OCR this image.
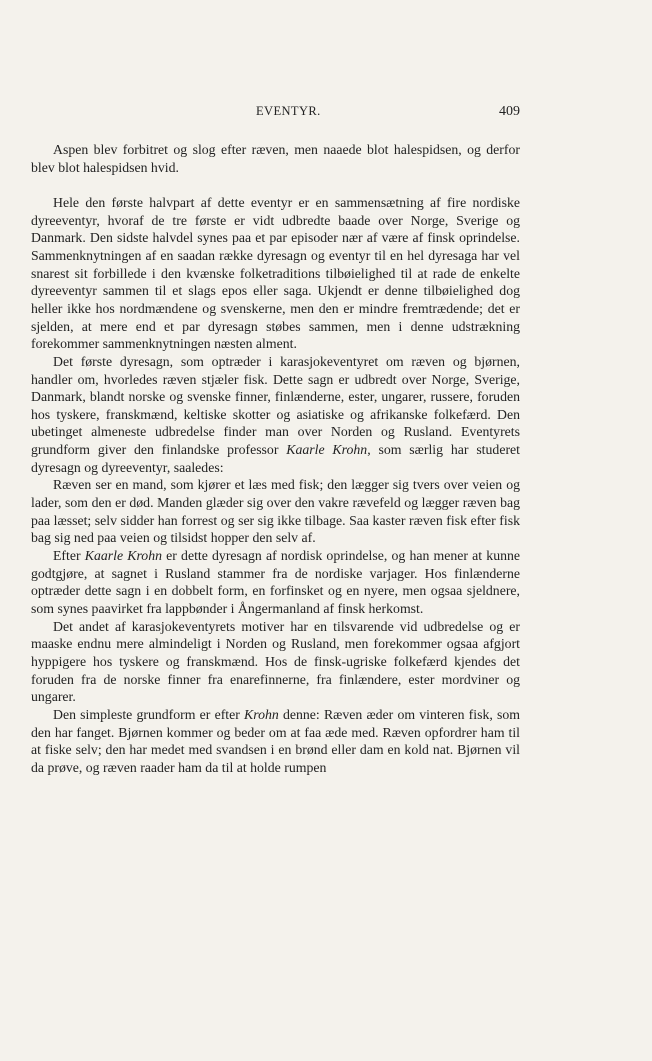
EVENTYR.	409

Aspen blev forbitret og slog efter ræven, men naaede blot halespidsen, og derfor blev blot halespidsen hvid.

Hele den første halvpart af dette eventyr er en sammensætning af fire nordiske dyreeventyr, hvoraf de tre første er vidt udbredte baade over Norge, Sverige og Danmark. Den sidste halvdel synes paa et par episoder nær af være af finsk oprindelse. Sammenknytningen af en saadan række dyresagn og eventyr til en hel dyresaga har vel snarest sit forbillede i den kvænske folketraditions tilbøielighed til at rade de enkelte dyreeventyr sammen til et slags epos eller saga. Ukjendt er denne tilbøielighed dog heller ikke hos nordmændene og svenskerne, men den er mindre fremtrædende; det er sjelden, at mere end et par dyresagn støbes sammen, men i denne udstrækning forekommer sammenknytningen næsten alment.

Det første dyresagn, som optræder i karasjokeventyret om ræven og bjørnen, handler om, hvorledes ræven stjæler fisk. Dette sagn er udbredt over Norge, Sverige, Danmark, blandt norske og svenske finner, finlænderne, ester, ungarer, russere, foruden hos tyskere, franskmænd, keltiske skotter og asiatiske og afrikanske folkefærd. Den ubetinget almeneste udbredelse finder man over Norden og Rusland. Eventyrets grundform giver den finlandske professor Kaarle Krohn, som særlig har studeret dyresagn og dyreeventyr, saaledes:

Ræven ser en mand, som kjører et læs med fisk; den lægger sig tvers over veien og lader, som den er død. Manden glæder sig over den vakre rævefeld og lægger ræven bag paa læsset; selv sidder han forrest og ser sig ikke tilbage. Saa kaster ræven fisk efter fisk bag sig ned paa veien og tilsidst hopper den selv af.

Efter Kaarle Krohn er dette dyresagn af nordisk oprindelse, og han mener at kunne godtgjøre, at sagnet i Rusland stammer fra de nordiske varjager. Hos finlænderne optræder dette sagn i en dobbelt form, en forfinsket og en nyere, men ogsaa sjeldnere, som synes paavirket fra lappbønder i Ångermanland af finsk herkomst.

Det andet af karasjokeventyrets motiver har en tilsvarende vid udbredelse og er maaske endnu mere almindeligt i Norden og Rusland, men forekommer ogsaa afgjort hyppigere hos tyskere og franskmænd. Hos de finsk-ugriske folkefærd kjendes det foruden fra de norske finner fra enarefinnerne, fra finlændere, ester mordviner og ungarer.

Den simpleste grundform er efter Krohn denne: Ræven æder om vinteren fisk, som den har fanget. Bjørnen kommer og beder om at faa æde med. Ræven opfordrer ham til at fiske selv; den har medet med svandsen i en brønd eller dam en kold nat. Bjørnen vil da prøve, og ræven raader ham da til at holde rumpen
